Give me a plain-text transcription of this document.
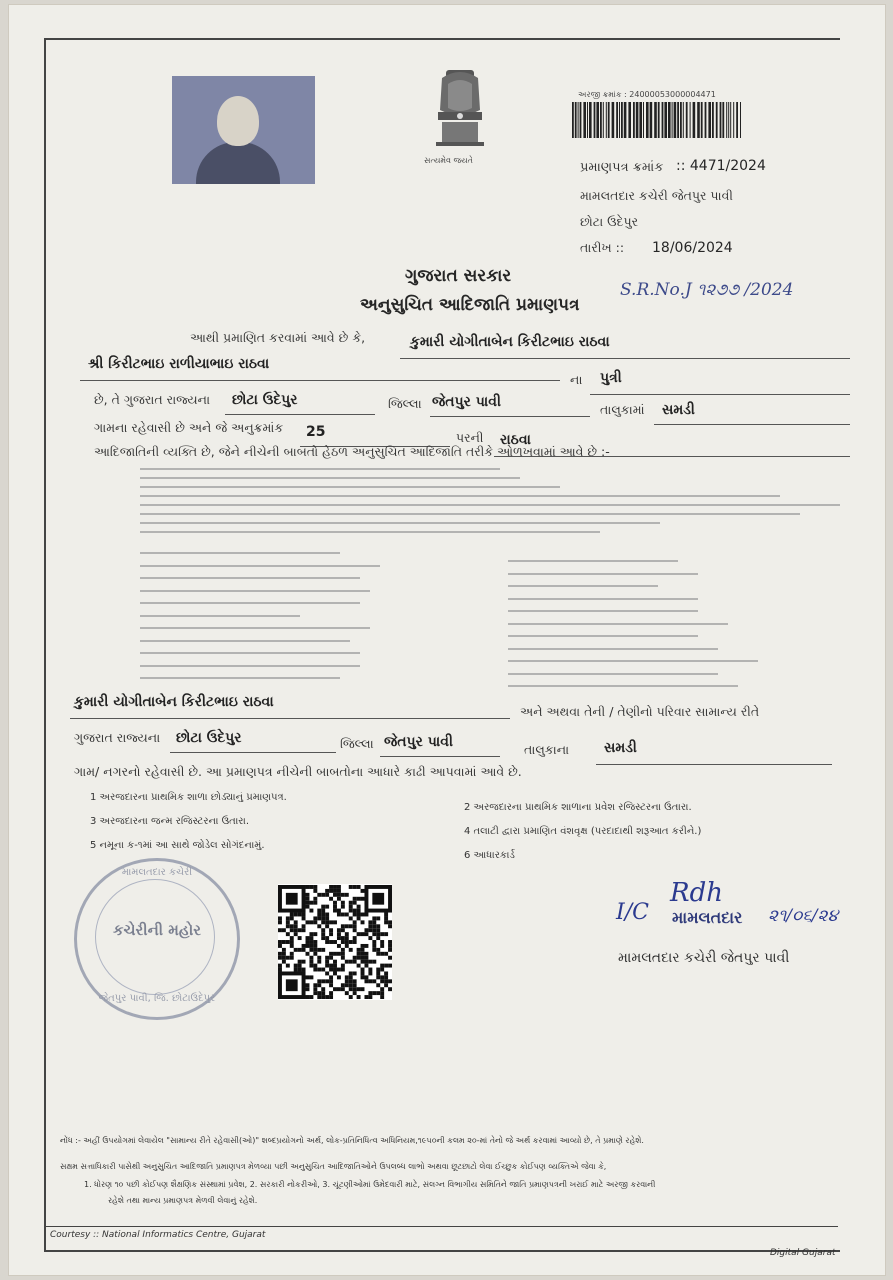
સત્યમેવ જયતે
અરજી ક્રમાંક : 24000053000004471
પ્રમાણપત્ર ક્રમાંક :: 4471/2024
મામલતદાર કચેરી જેતપુર પાવી
છોટા ઉદેપુર
તારીખ :: 18/06/2024
ગુજરાત સરકાર
અનુસુચિત આદિજાતિ પ્રમાણપત્ર
S.R.No.J ૧૨૭૭ /2024
આથી પ્રમાણિત કરવામાં આવે છે કે,	કુમારી યોગીતાબેન કિરીટભાઇ રાઠવા
શ્રી કિરીટભાઇ રાળીયાભાઇ રાઠવા
ના પુત્રી
છે, તે ગુજરાત રાજ્યના છોટા ઉદેપુર	જિલ્લા જેતપુર પાવી	તાલુકામાં સમડી
ગામના રહેવાસી છે અને જે અનુક્રમાંક 25	પરની રાઠવા
આદિજાતિની વ્યક્તિ છે, જેને નીચેની બાબતો હેઠળ અનુસુચિત આદિજાતિ તરીકે ઓળખવામાં આવે છે :-
કુમારી યોગીતાબેન કિરીટભાઇ રાઠવા
અને અથવા તેની / તેણીનો પરિવાર સામાન્ય રીતે
ગુજરાત રાજ્યના છોટા ઉદેપુર	જિલ્લા જેતપુર પાવી	તાલુકાના સમડી
ગામ/ નગરનો રહેવાસી છે. આ પ્રમાણપત્ર નીચેની બાબતોના આધારે કાઢી આપવામાં આવે છે.
1 અરજદારના પ્રાથમિક શાળા છોડ્યાનું પ્રમાણપત્ર.
2 અરજદારના પ્રાથમિક શાળાના પ્રવેશ રજિસ્ટરના ઉતારા.
3 અરજદારના જન્મ રજિસ્ટરના ઉતારા.
4 તલાટી દ્વારા પ્રમાણિત વંશવૃક્ષ (પરદાદાથી શરૂઆત કરીને.)
5 નમૂના ક-૧માં આ સાથે જોડેલ સોગંદનામું.
6 આધારકાર્ડ
મામલતદાર કચેરી
કચેરીની મહોર
જેતપુર પાવી, જિ. છોટાઉદેપુર
I/C
Rdh
મામલતદાર ૨૧/૦૬/૨૪
મામલતદાર કચેરી જેતપુર પાવી
નોંધ :- અહીં ઉપયોગમાં લેવાયેલ "સામાન્ય રીતે રહેવાસી(ઓ)" શબ્દપ્રયોગનો અર્થ, લોક-પ્રતિનિધિત્વ અધિનિયમ,૧૯૫૦ની કલમ ૨૦-માં તેનો જે અર્થ કરવામાં આવ્યો છે, તે પ્રમાણે રહેશે.
સક્ષમ સત્તાધિકારી પાસેથી અનુસુચિત આદિજાતિ પ્રમાણપત્ર મેળવ્યા પછી અનુસુચિત આદિજાતિઓને ઉપલબ્ધ લાભો અથવા છૂટછાટો લેવા ઈચ્છુક કોઈપણ વ્યક્તિએ જેવા કે,
1. ધોરણ ૧૦ પછી કોઈપણ શૈક્ષણિક સંસ્થામાં પ્રવેશ, 2. સરકારી નોકરીઓ, 3. ચૂંટણીઓમાં ઉમેદવારી માટે, સંલગ્ન વિભાગીય સમિતિને જાતિ પ્રમાણપત્રની ખરાઈ માટે અરજી કરવાની
રહેશે તથા માન્ય પ્રમાણપત્ર મેળવી લેવાનું રહેશે.
Courtesy :: National Informatics Centre, Gujarat
Digital Gujarat
